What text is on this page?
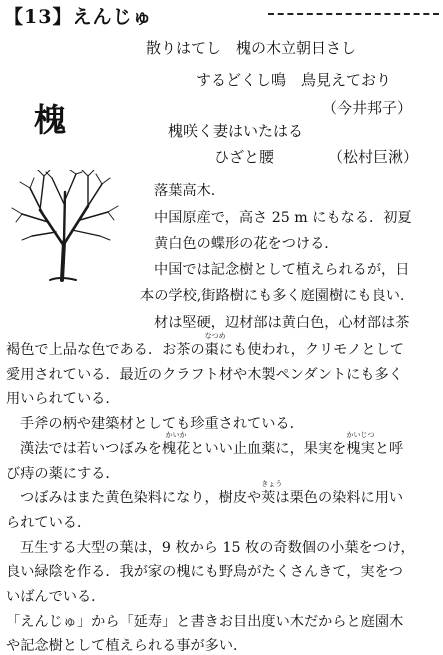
【13】えんじゅ
槐
散りはてし　槐の木立朝日さし
するどくし鳴　鳥見えており
（今井邦子）
槐咲く妻はいたはる
ひざと腰	（松村巨湫）
落葉高木.
中国原産で，高さ 25 m にもなる．初夏
黄白色の蝶形の花をつける．
中国では記念樹として植えられるが，日
本の学校,街路樹にも多く庭園樹にも良い.
材は堅硬，辺材部は黄白色，心材部は茶
褐色で上品な色である．お茶の
なつめ
棗にも使われ，クリモノとして
愛用されている．最近のクラフト材や木製ペンダントにも多く
用いられている．
手斧の柄や建築材としても珍重されている．
漢法では若いつぼみを
かいか
槐花といい止血薬に，果実を
かいじつ
槐実と呼
び痔の薬にする．
つぼみはまた黄色染料になり，樹皮や
きょう
莢は栗色の染料に用い
られている．
互生する大型の葉は，9 枚から 15 枚の奇数個の小葉をつけ，
良い緑陰を作る．我が家の槐にも野鳥がたくさんきて，実をつ
いばんでいる．
「えんじゅ」から「延寿」と書きお目出度い木だからと庭園木
や記念樹として植えられる事が多い．
